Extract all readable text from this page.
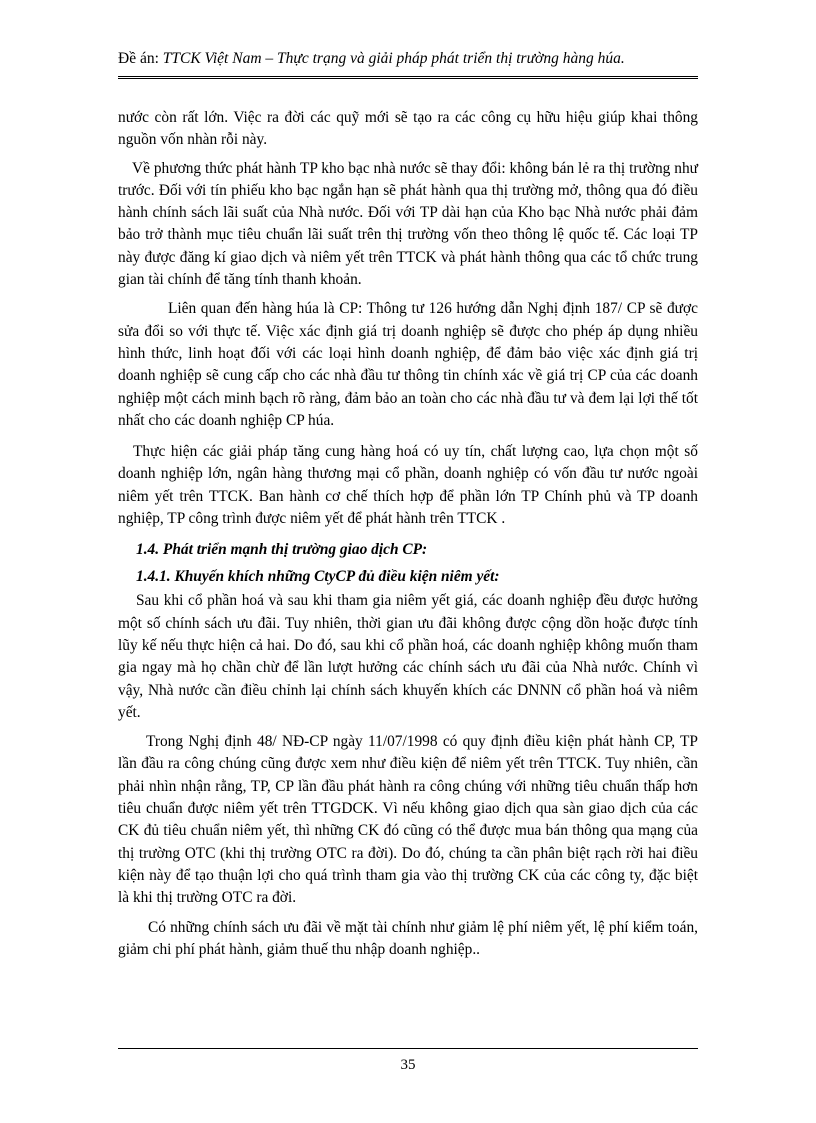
Đề án: TTCK Việt Nam – Thực trạng và giải pháp phát triển thị trường hàng húa.

nước còn rất lớn. Việc ra đời các quỹ mới sẽ tạo ra các công cụ hữu hiệu giúp khai thông nguồn vốn nhàn rỗi này.

Về phương thức phát hành TP kho bạc nhà nước sẽ thay đổi: không bán lẻ ra thị trường như trước. Đối với tín phiếu kho bạc ngắn hạn sẽ phát hành qua thị trường mở, thông qua đó điều hành chính sách lãi suất của Nhà nước. Đối với TP dài hạn của Kho bạc Nhà nước phải đảm bảo trở thành mục tiêu chuẩn lãi suất trên thị trường vốn theo thông lệ quốc tế. Các loại TP này được đăng kí giao dịch và niêm yết trên TTCK và phát hành thông qua các tổ chức trung gian tài chính để tăng tính thanh khoản.

Liên quan đến hàng húa là CP: Thông tư 126 hướng dẫn Nghị định 187/ CP sẽ được sửa đổi so với thực tế. Việc xác định giá trị doanh nghiệp sẽ được cho phép áp dụng nhiều hình thức, linh hoạt đối với các loại hình doanh nghiệp, để đảm bảo việc xác định giá trị doanh nghiệp sẽ cung cấp cho các nhà đầu tư thông tin chính xác về giá trị CP của các doanh nghiệp một cách minh bạch rõ ràng, đảm bảo an toàn cho các nhà đầu tư và đem lại lợi thế tốt nhất cho các doanh nghiệp CP húa.

Thực hiện các giải pháp tăng cung hàng hoá có uy tín, chất lượng cao, lựa chọn một số doanh nghiệp lớn, ngân hàng thương mại cổ phần, doanh nghiệp có vốn đầu tư nước ngoài niêm yết trên TTCK. Ban hành cơ chế thích hợp để phần lớn TP Chính phủ và TP doanh nghiệp, TP công trình được niêm yết để phát hành trên TTCK .

1.4. Phát triển mạnh thị trường giao dịch CP:

1.4.1. Khuyến khích những CtyCP đủ điều kiện niêm yết:

Sau khi cổ phần hoá và sau khi tham gia niêm yết giá, các doanh nghiệp đều được hưởng một số chính sách ưu đãi. Tuy nhiên, thời gian ưu đãi không được cộng dồn hoặc được tính lũy kế nếu thực hiện cả hai. Do đó, sau khi cổ phần hoá, các doanh nghiệp không muốn tham gia ngay mà họ chần chừ để lần lượt hưởng các chính sách ưu đãi của Nhà nước. Chính vì vậy, Nhà nước cần điều chỉnh lại chính sách khuyến khích các DNNN cổ phần hoá và niêm yết.

Trong Nghị định 48/ NĐ-CP ngày 11/07/1998 có quy định điều kiện phát hành CP, TP lần đầu ra công chúng cũng được xem như điều kiện để niêm yết trên TTCK. Tuy nhiên, cần phải nhìn nhận rằng, TP, CP lần đầu phát hành ra công chúng với những tiêu chuẩn thấp hơn tiêu chuẩn được niêm yết trên TTGDCK. Vì nếu không giao dịch qua sàn giao dịch của các CK đủ tiêu chuẩn niêm yết, thì những CK đó cũng có thể được mua bán thông qua mạng của thị trường OTC (khi thị trường OTC ra đời). Do đó, chúng ta cần phân biệt rạch rời hai điều kiện này để tạo thuận lợi cho quá trình tham gia vào thị trường CK của các công ty, đặc biệt là khi thị trường OTC ra đời.

Có những chính sách ưu đãi về mặt tài chính như giảm lệ phí niêm yết, lệ phí kiểm toán, giảm chi phí phát hành, giảm thuế thu nhập doanh nghiệp..

35
